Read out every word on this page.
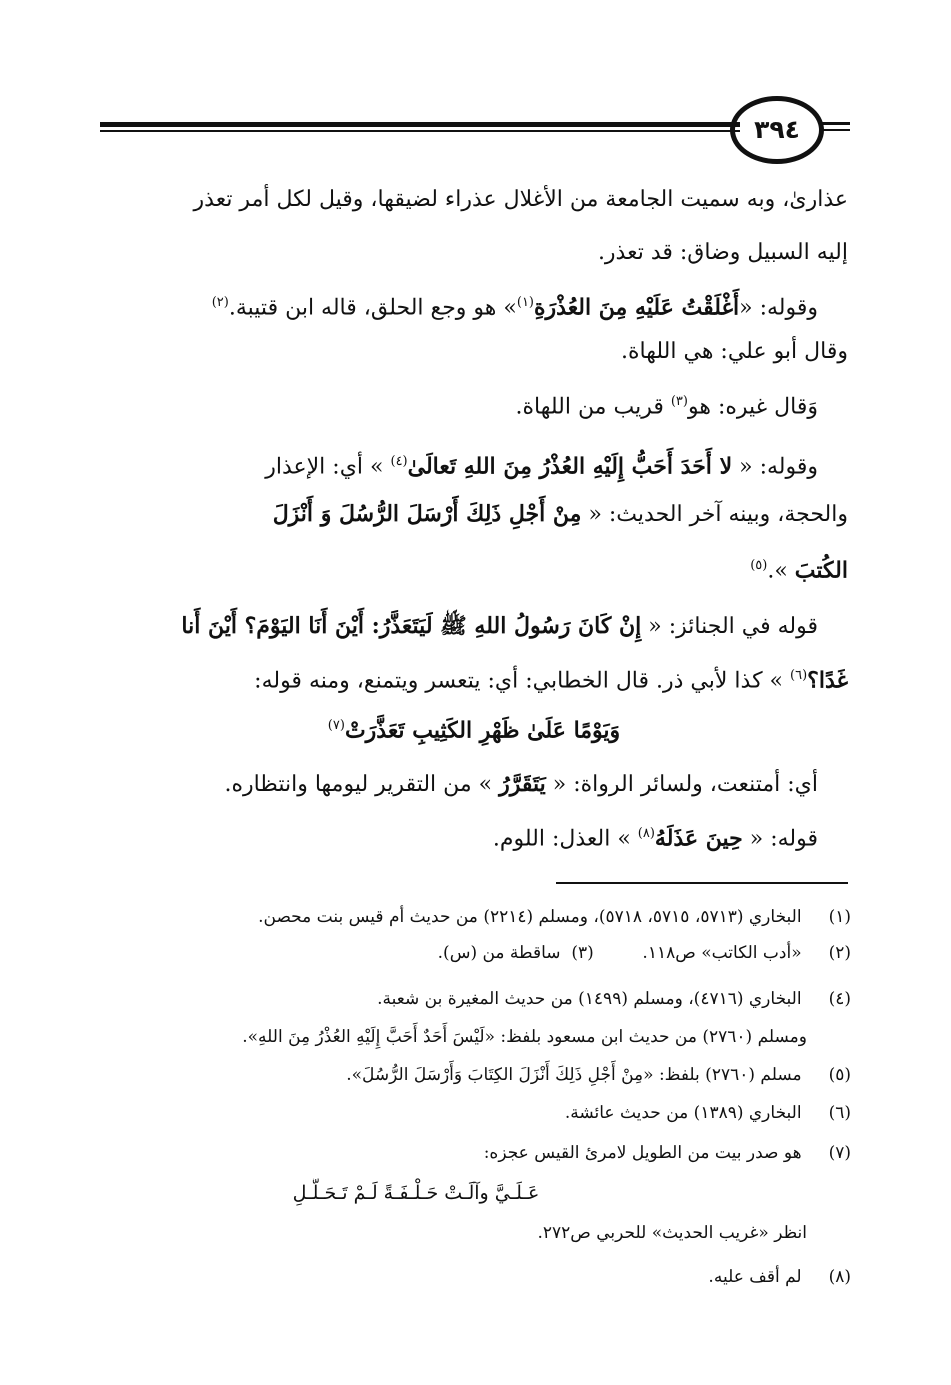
٣٩٤
عذارىٰ، وبه سميت الجامعة من الأغلال عذراء لضيقها، وقيل لكل أمر تعذر
إليه السبيل وضاق: قد تعذر.
وقوله: «أَغْلَقْتُ عَلَيْهِ مِنَ العُذْرَةِ$^{(١)}$» هو وجع الحلق، قاله ابن قتيبة.$^{(٢)}$
وقال أبو علي: هي اللهاة.
وَقال غيره: هو$^{(٣)}$ قريب من اللهاة.
وقوله: « لا أَحَدَ أَحَبُّ إِلَيْهِ العُذْرُ مِنَ اللهِ تَعالَىٰ$^{(٤)}$ » أي: الإعذار
والحجة، وبينه آخر الحديث: « مِنْ أَجْلِ ذَلِكَ أَرْسَلَ الرُّسُلَ وَ أَنْزَلَ
الكُتبَ ».$^{(٥)}$
قوله في الجنائز: « إِنْ كَانَ رَسُولُ اللهِ ﷺ لَيَتَعَذَّرُ: أَيْنَ أَنَا اليَوْمَ؟ أَيْنَ أَنا
غَدًا؟$^{(٦)}$ » كذا لأبي ذر. قال الخطابي: أي: يتعسر ويتمنع، ومنه قوله:
وَيَوْمًا عَلَىٰ ظَهْرِ الكَثِيبِ تَعَذَّرَتْ$^{(٧)}$
أي: أمتنعت، ولسائر الرواة: « يَتَقَرَّرُ » من التقرير ليومها وانتظاره.
قوله: « حِينَ عَذَلَهُ$^{(٨)}$ » العذل: اللوم.
(١) البخاري (٥٧١٣، ٥٧١٥، ٥٧١٨)، ومسلم (٢٢١٤) من حديث أم قيس بنت محصن.
(٢) «أدب الكاتب» ص١١٨.         (٣)  ساقطة من (س).
(٤) البخاري (٤٧١٦)، ومسلم (١٤٩٩) من حديث المغيرة بن شعبة.
ومسلم (٢٧٦٠) من حديث ابن مسعود بلفظ: «لَيْسَ أَحَدٌ أَحَبَّ إِلَيْهِ العُذْرُ مِنَ اللهِ».
(٥) مسلم (٢٧٦٠) بلفظ: «مِنْ أَجْلِ ذَلِكَ أَنْزَلَ الكِتَابَ وَأَرْسَلَ الرُّسُلَ».
(٦) البخاري (١٣٨٩) من حديث عائشة.
(٧) هو صدر بيت من الطويل لامرئ القيس عجزه:
عَـلَـيَّ وآلَـتْ حَـلْـفَـةً لَـمْ تَـحَـلَّـلِ
انظر «غريب الحديث» للحربي ص٢٧٢.
(٨) لم أقف عليه.
